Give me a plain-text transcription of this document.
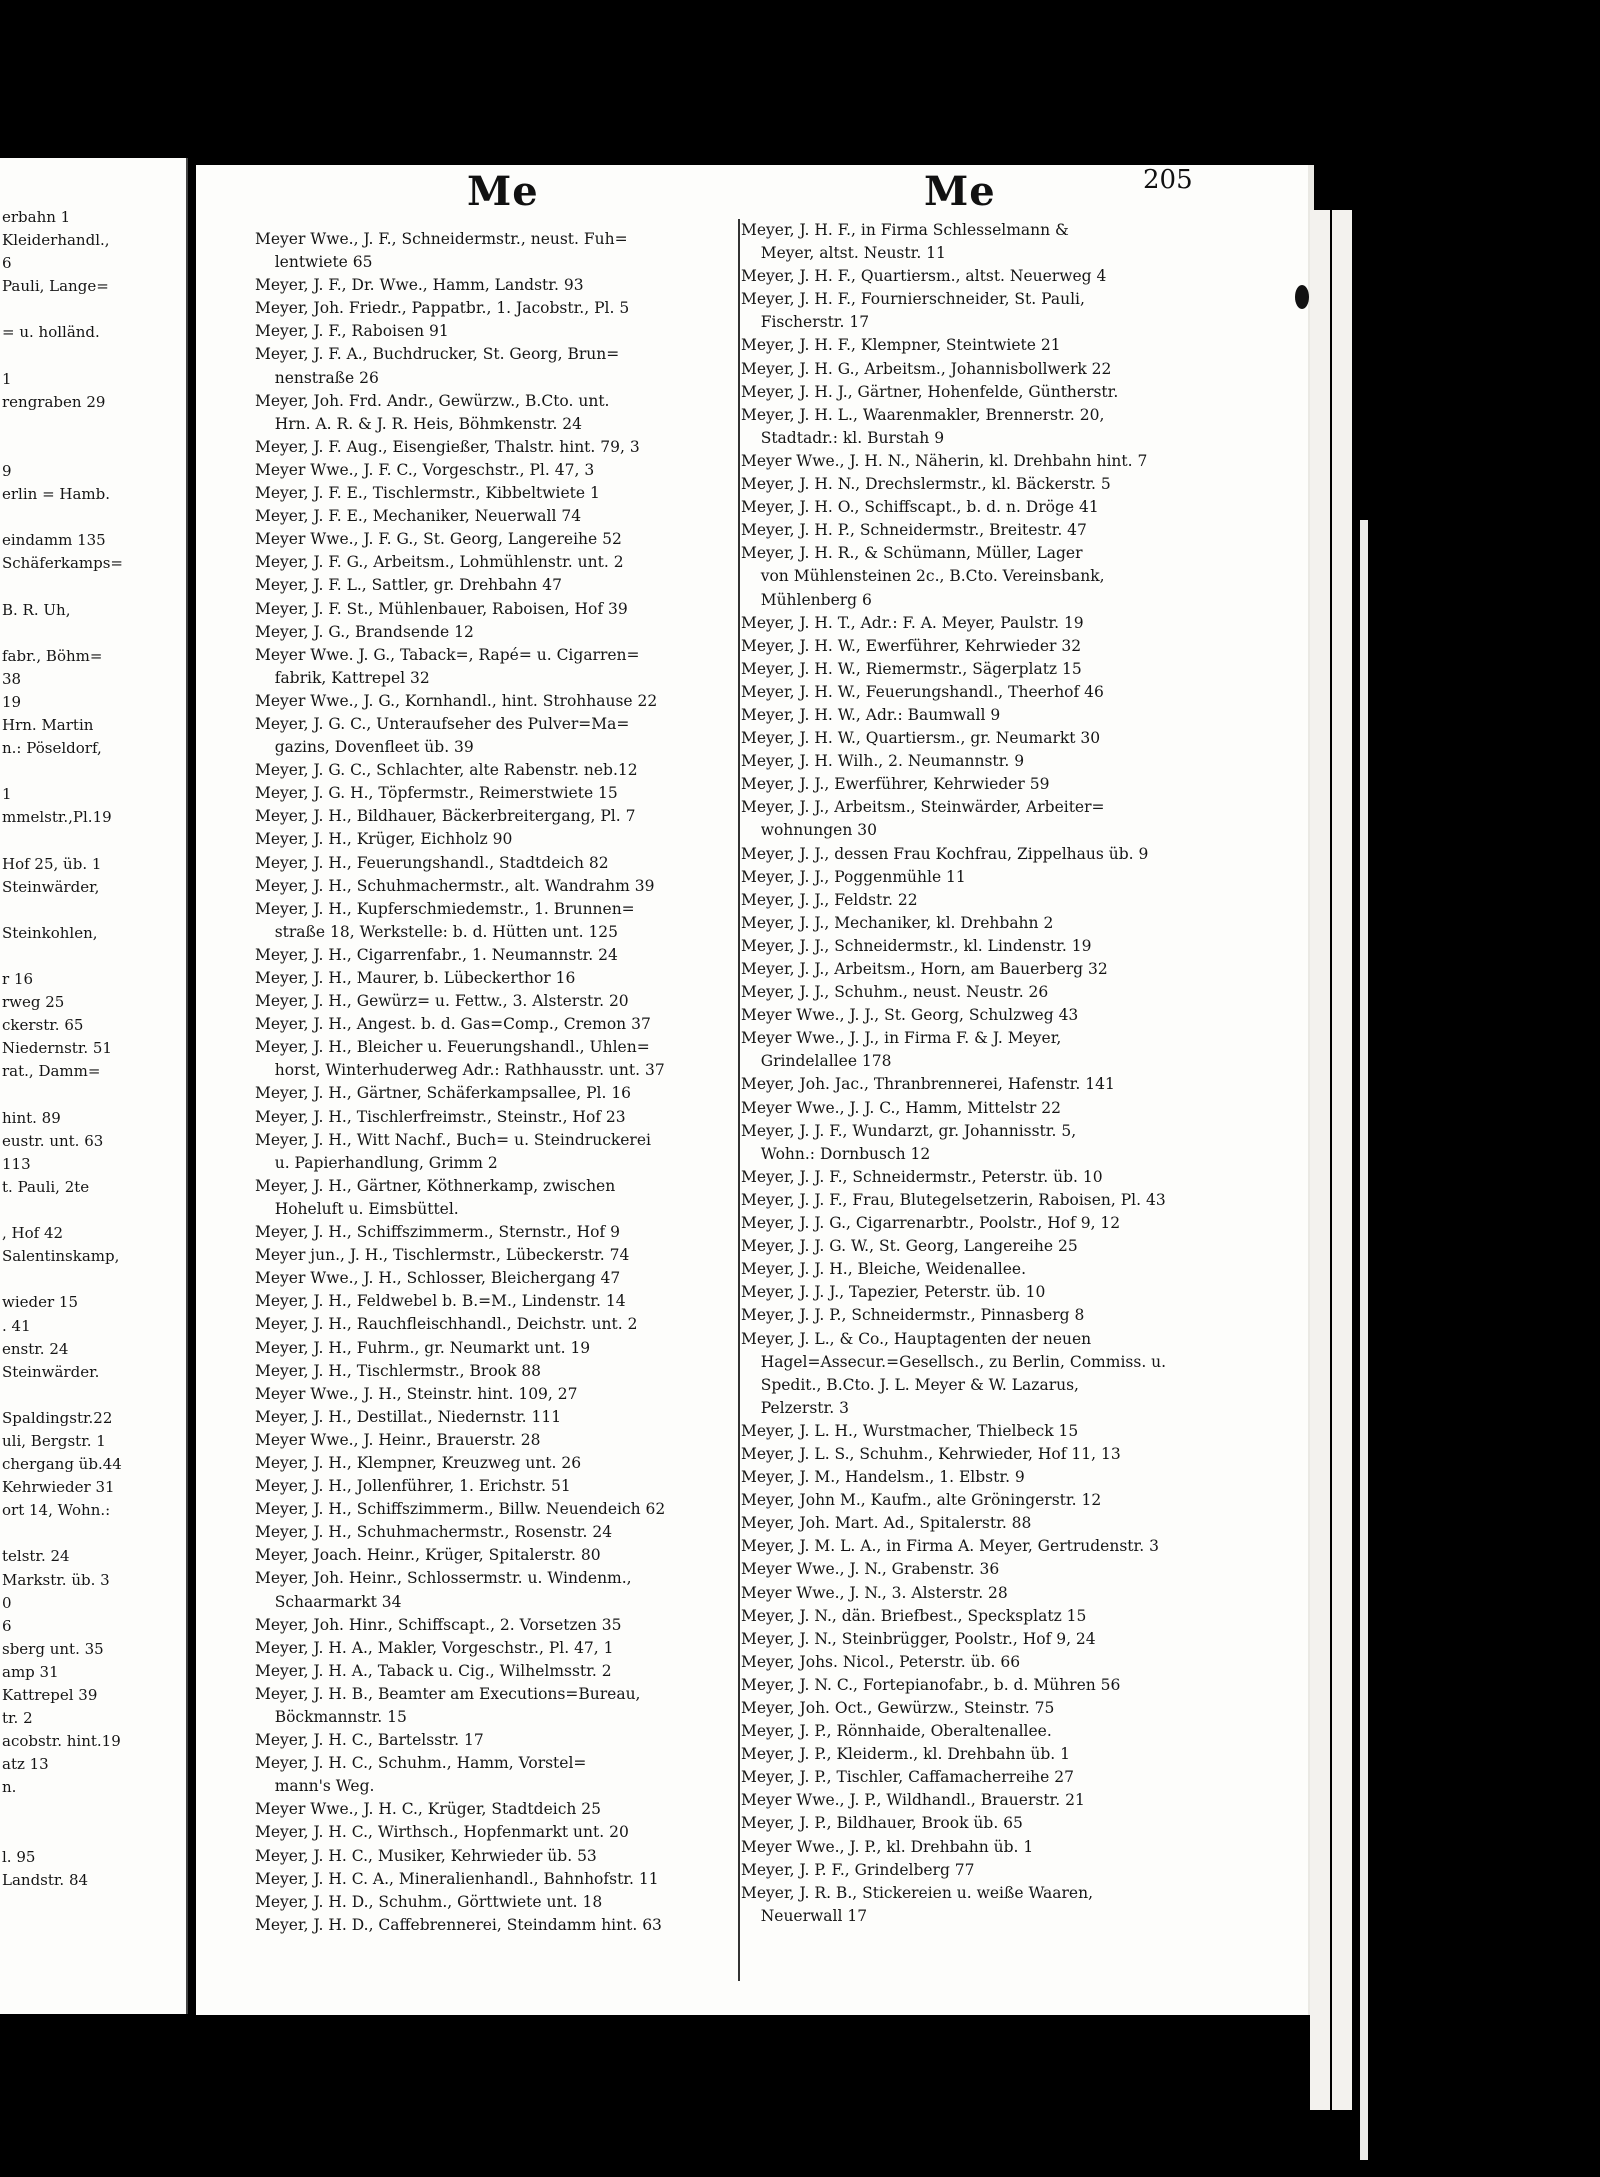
Me	Me	205
erbahn 1
Kleiderhandl.,
6
Pauli, Lange=
= u. holländ.
1
rengraben 29
9
erlin = Hamb.
eindamm 135
Schäferkamps=
B. R. Uh,
fabr., Böhm=
38
19
Hrn. Martin
n.: Pöseldorf,
1
mmelstr.,Pl.19
Hof 25, üb. 1
Steinwärder,
Steinkohlen,
r 16
rweg 25
ckerstr. 65
Niedernstr. 51
rat., Damm=
hint. 89
eustr. unt. 63
113
t. Pauli, 2te
, Hof 42
Salentinskamp,
wieder 15
. 41
enstr. 24
Steinwärder.
Spaldingstr.22
uli, Bergstr. 1
chergang üb.44
Kehrwieder 31
ort 14, Wohn.:
telstr. 24
Markstr. üb. 3
0
6
sberg unt. 35
amp 31
Kattrepel 39
tr. 2
acobstr. hint.19
atz 13
n.
l. 95
Landstr. 84
Meyer Wwe., J. F., Schneidermstr., neust. Fuh=
lentwiete 65
Meyer, J. F., Dr. Wwe., Hamm, Landstr. 93
Meyer, Joh. Friedr., Pappatbr., 1. Jacobstr., Pl. 5
Meyer, J. F., Raboisen 91
Meyer, J. F. A., Buchdrucker, St. Georg, Brun=
nenstraße 26
Meyer, Joh. Frd. Andr., Gewürzw., B.Cto. unt.
Hrn. A. R. & J. R. Heis, Böhmkenstr. 24
Meyer, J. F. Aug., Eisengießer, Thalstr. hint. 79, 3
Meyer Wwe., J. F. C., Vorgeschstr., Pl. 47, 3
Meyer, J. F. E., Tischlermstr., Kibbeltwiete 1
Meyer, J. F. E., Mechaniker, Neuerwall 74
Meyer Wwe., J. F. G., St. Georg, Langereihe 52
Meyer, J. F. G., Arbeitsm., Lohmühlenstr. unt. 2
Meyer, J. F. L., Sattler, gr. Drehbahn 47
Meyer, J. F. St., Mühlenbauer, Raboisen, Hof 39
Meyer, J. G., Brandsende 12
Meyer Wwe. J. G., Taback=, Rapé= u. Cigarren=
fabrik, Kattrepel 32
Meyer Wwe., J. G., Kornhandl., hint. Strohhause 22
Meyer, J. G. C., Unteraufseher des Pulver=Ma=
gazins, Dovenfleet üb. 39
Meyer, J. G. C., Schlachter, alte Rabenstr. neb.12
Meyer, J. G. H., Töpfermstr., Reimerstwiete 15
Meyer, J. H., Bildhauer, Bäckerbreitergang, Pl. 7
Meyer, J. H., Krüger, Eichholz 90
Meyer, J. H., Feuerungshandl., Stadtdeich 82
Meyer, J. H., Schuhmachermstr., alt. Wandrahm 39
Meyer, J. H., Kupferschmiedemstr., 1. Brunnen=
straße 18, Werkstelle: b. d. Hütten unt. 125
Meyer, J. H., Cigarrenfabr., 1. Neumannstr. 24
Meyer, J. H., Maurer, b. Lübeckerthor 16
Meyer, J. H., Gewürz= u. Fettw., 3. Alsterstr. 20
Meyer, J. H., Angest. b. d. Gas=Comp., Cremon 37
Meyer, J. H., Bleicher u. Feuerungshandl., Uhlen=
horst, Winterhuderweg Adr.: Rathhausstr. unt. 37
Meyer, J. H., Gärtner, Schäferkampsallee, Pl. 16
Meyer, J. H., Tischlerfreimstr., Steinstr., Hof 23
Meyer, J. H., Witt Nachf., Buch= u. Steindruckerei
u. Papierhandlung, Grimm 2
Meyer, J. H., Gärtner, Köthnerkamp, zwischen
Hoheluft u. Eimsbüttel.
Meyer, J. H., Schiffszimmerm., Sternstr., Hof 9
Meyer jun., J. H., Tischlermstr., Lübeckerstr. 74
Meyer Wwe., J. H., Schlosser, Bleichergang 47
Meyer, J. H., Feldwebel b. B.=M., Lindenstr. 14
Meyer, J. H., Rauchfleischhandl., Deichstr. unt. 2
Meyer, J. H., Fuhrm., gr. Neumarkt unt. 19
Meyer, J. H., Tischlermstr., Brook 88
Meyer Wwe., J. H., Steinstr. hint. 109, 27
Meyer, J. H., Destillat., Niedernstr. 111
Meyer Wwe., J. Heinr., Brauerstr. 28
Meyer, J. H., Klempner, Kreuzweg unt. 26
Meyer, J. H., Jollenführer, 1. Erichstr. 51
Meyer, J. H., Schiffszimmerm., Billw. Neuendeich 62
Meyer, J. H., Schuhmachermstr., Rosenstr. 24
Meyer, Joach. Heinr., Krüger, Spitalerstr. 80
Meyer, Joh. Heinr., Schlossermstr. u. Windenm.,
Schaarmarkt 34
Meyer, Joh. Hinr., Schiffscapt., 2. Vorsetzen 35
Meyer, J. H. A., Makler, Vorgeschstr., Pl. 47, 1
Meyer, J. H. A., Taback u. Cig., Wilhelmsstr. 2
Meyer, J. H. B., Beamter am Executions=Bureau,
Böckmannstr. 15
Meyer, J. H. C., Bartelsstr. 17
Meyer, J. H. C., Schuhm., Hamm, Vorstel=
mann's Weg.
Meyer Wwe., J. H. C., Krüger, Stadtdeich 25
Meyer, J. H. C., Wirthsch., Hopfenmarkt unt. 20
Meyer, J. H. C., Musiker, Kehrwieder üb. 53
Meyer, J. H. C. A., Mineralienhandl., Bahnhofstr. 11
Meyer, J. H. D., Schuhm., Görttwiete unt. 18
Meyer, J. H. D., Caffebrennerei, Steindamm hint. 63
Meyer, J. H. F., in Firma Schlesselmann &
Meyer, altst. Neustr. 11
Meyer, J. H. F., Quartiersm., altst. Neuerweg 4
Meyer, J. H. F., Fournierschneider, St. Pauli,
Fischerstr. 17
Meyer, J. H. F., Klempner, Steintwiete 21
Meyer, J. H. G., Arbeitsm., Johannisbollwerk 22
Meyer, J. H. J., Gärtner, Hohenfelde, Güntherstr.
Meyer, J. H. L., Waarenmakler, Brennerstr. 20,
Stadtadr.: kl. Burstah 9
Meyer Wwe., J. H. N., Näherin, kl. Drehbahn hint. 7
Meyer, J. H. N., Drechslermstr., kl. Bäckerstr. 5
Meyer, J. H. O., Schiffscapt., b. d. n. Dröge 41
Meyer, J. H. P., Schneidermstr., Breitestr. 47
Meyer, J. H. R., & Schümann, Müller, Lager
von Mühlensteinen 2c., B.Cto. Vereinsbank,
Mühlenberg 6
Meyer, J. H. T., Adr.: F. A. Meyer, Paulstr. 19
Meyer, J. H. W., Ewerführer, Kehrwieder 32
Meyer, J. H. W., Riemermstr., Sägerplatz 15
Meyer, J. H. W., Feuerungshandl., Theerhof 46
Meyer, J. H. W., Adr.: Baumwall 9
Meyer, J. H. W., Quartiersm., gr. Neumarkt 30
Meyer, J. H. Wilh., 2. Neumannstr. 9
Meyer, J. J., Ewerführer, Kehrwieder 59
Meyer, J. J., Arbeitsm., Steinwärder, Arbeiter=
wohnungen 30
Meyer, J. J., dessen Frau Kochfrau, Zippelhaus üb. 9
Meyer, J. J., Poggenmühle 11
Meyer, J. J., Feldstr. 22
Meyer, J. J., Mechaniker, kl. Drehbahn 2
Meyer, J. J., Schneidermstr., kl. Lindenstr. 19
Meyer, J. J., Arbeitsm., Horn, am Bauerberg 32
Meyer, J. J., Schuhm., neust. Neustr. 26
Meyer Wwe., J. J., St. Georg, Schulzweg 43
Meyer Wwe., J. J., in Firma F. & J. Meyer,
Grindelallee 178
Meyer, Joh. Jac., Thranbrennerei, Hafenstr. 141
Meyer Wwe., J. J. C., Hamm, Mittelstr 22
Meyer, J. J. F., Wundarzt, gr. Johannisstr. 5,
Wohn.: Dornbusch 12
Meyer, J. J. F., Schneidermstr., Peterstr. üb. 10
Meyer, J. J. F., Frau, Blutegelsetzerin, Raboisen, Pl. 43
Meyer, J. J. G., Cigarrenarbtr., Poolstr., Hof 9, 12
Meyer, J. J. G. W., St. Georg, Langereihe 25
Meyer, J. J. H., Bleiche, Weidenallee.
Meyer, J. J. J., Tapezier, Peterstr. üb. 10
Meyer, J. J. P., Schneidermstr., Pinnasberg 8
Meyer, J. L., & Co., Hauptagenten der neuen
Hagel=Assecur.=Gesellsch., zu Berlin, Commiss. u.
Spedit., B.Cto. J. L. Meyer & W. Lazarus,
Pelzerstr. 3
Meyer, J. L. H., Wurstmacher, Thielbeck 15
Meyer, J. L. S., Schuhm., Kehrwieder, Hof 11, 13
Meyer, J. M., Handelsm., 1. Elbstr. 9
Meyer, John M., Kaufm., alte Gröningerstr. 12
Meyer, Joh. Mart. Ad., Spitalerstr. 88
Meyer, J. M. L. A., in Firma A. Meyer, Gertrudenstr. 3
Meyer Wwe., J. N., Grabenstr. 36
Meyer Wwe., J. N., 3. Alsterstr. 28
Meyer, J. N., dän. Briefbest., Specksplatz 15
Meyer, J. N., Steinbrügger, Poolstr., Hof 9, 24
Meyer, Johs. Nicol., Peterstr. üb. 66
Meyer, J. N. C., Fortepianofabr., b. d. Mühren 56
Meyer, Joh. Oct., Gewürzw., Steinstr. 75
Meyer, J. P., Rönnhaide, Oberaltenallee.
Meyer, J. P., Kleiderm., kl. Drehbahn üb. 1
Meyer, J. P., Tischler, Caffamacherreihe 27
Meyer Wwe., J. P., Wildhandl., Brauerstr. 21
Meyer, J. P., Bildhauer, Brook üb. 65
Meyer Wwe., J. P., kl. Drehbahn üb. 1
Meyer, J. P. F., Grindelberg 77
Meyer, J. R. B., Stickereien u. weiße Waaren,
Neuerwall 17
